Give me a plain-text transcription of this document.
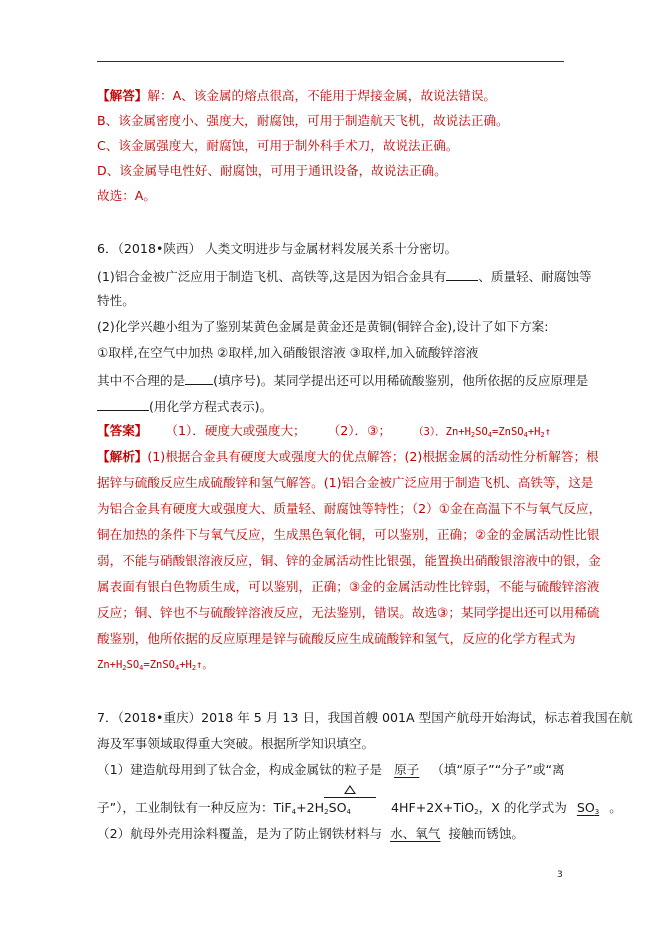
【解答】解：A、该金属的熔点很高，不能用于焊接金属，故说法错误。
B、该金属密度小、强度大，耐腐蚀，可用于制造航天飞机，故说法正确。
C、该金属强度大，耐腐蚀，可用于制外科手术刀，故说法正确。
D、该金属导电性好、耐腐蚀，可用于通讯设备，故说法正确。
故选：A。
6．（2018•陕西） 人类文明进步与金属材料发展关系十分密切。
(1)铝合金被广泛应用于制造飞机、高铁等,这是因为铝合金具有	、质量轻、耐腐蚀等
特性。
(2)化学兴趣小组为了鉴别某黄色金属是黄金还是黄铜(铜锌合金),设计了如下方案:
①取样,在空气中加热 ②取样,加入硝酸银溶液 ③取样,加入硫酸锌溶液
其中不合理的是 (填序号)。某同学提出还可以用稀硫酸鉴别，他所依据的反应原理是
(用化学方程式表示)。
【答案】 （1）．硬度大或强度大； （2）．③； （3）．$Zn+H_2SO_4=ZnSO_4+H_2↑$
【解析】(1)根据合金具有硬度大或强度大的优点解答；(2)根据金属的活动性分析解答；根
据锌与硫酸反应生成硫酸锌和氢气解答。(1)铝合金被广泛应用于制造飞机、高铁等，这是
为铝合金具有硬度大或强度大、质量轻、耐腐蚀等特性；（2）①金在高温下不与氧气反应，
铜在加热的条件下与氧气反应，生成黑色氧化铜，可以鉴别，正确；②金的金属活动性比银
弱，不能与硝酸银溶液反应，铜、锌的金属活动性比银强，能置换出硝酸银溶液中的银，金
属表面有银白色物质生成，可以鉴别，正确；③金的金属活动性比锌弱，不能与硫酸锌溶液
反应；铜、锌也不与硫酸锌溶液反应，无法鉴别，错误。故选③；某同学提出还可以用稀硫
酸鉴别，他所依据的反应原理是锌与硫酸反应生成硫酸锌和氢气，反应的化学方程式为
$Zn+H_2SO_4=ZnSO_4+H_2↑$。
7．（2018•重庆）2018 年 5 月 13 日，我国首艘 001A 型国产航母开始海试，标志着我国在航
海及军事领域取得重大突破。根据所学知识填空。
（1）建造航母用到了钛合金，构成金属钛的粒子是 原子 （填“原子”“分子”或“离
子”），工业制钛有一种反应为：$TiF_4+2H_2SO_4$	4HF+2X+TiO$_2$，X 的化学式为 $SO_3$ 。
（2）航母外壳用涂料覆盖，是为了防止钢铁材料与 水、氧气 接触而锈蚀。
3
